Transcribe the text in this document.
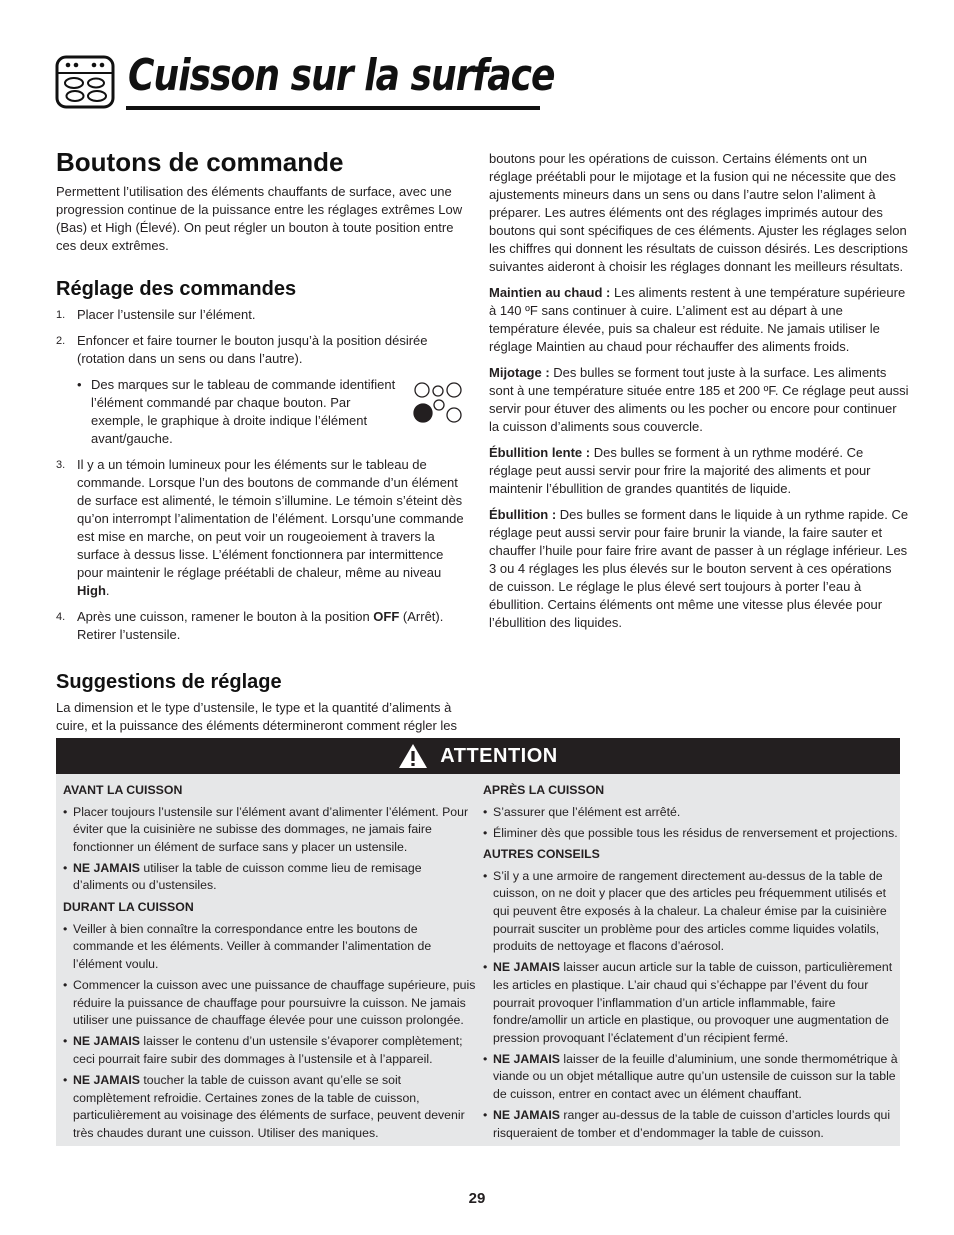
Cuisson sur la surface
Boutons de commande

Permettent l’utilisation des éléments chauffants de surface, avec une progression continue de la puissance entre les réglages extrêmes Low (Bas) et High (Élevé). On peut régler un bouton à toute position entre ces deux extrêmes.

Réglage des commandes
1. Placer l’ustensile sur l’élément.
2. Enfoncer et faire tourner le bouton jusqu’à la position désirée (rotation dans un sens ou dans l’autre).
• Des marques sur le tableau de commande identifient l’élément commandé par chaque bouton. Par exemple, le graphique à droite indique l’élément avant/gauche.
3. Il y a un témoin lumineux pour les éléments sur le tableau de commande. Lorsque l’un des boutons de commande d’un élément de surface est alimenté, le témoin s’illumine. Le témoin s’éteint dès qu’on interrompt l’alimentation de l’élément. Lorsqu’une commande est mise en marche, on peut voir un rougeoiement à travers la surface à dessus lisse. L’élément fonctionnera par intermittence pour maintenir le réglage préétabli de chaleur, même au niveau High.
4. Après une cuisson, ramener le bouton à la position OFF (Arrêt). Retirer l’ustensile.
Suggestions de réglage

La dimension et le type d’ustensile, le type et la quantité d’aliments à cuire, et la puissance des éléments détermineront comment régler les

boutons pour les opérations de cuisson. Certains éléments ont un réglage préétabli pour le mijotage et la fusion qui ne nécessite que des ajustements mineurs dans un sens ou dans l’autre selon l’aliment à préparer. Les autres éléments ont des réglages imprimés autour des boutons qui sont spécifiques de ces éléments. Ajuster les réglages selon les chiffres qui donnent les résultats de cuisson désirés. Les descriptions suivantes aideront à choisir les réglages donnant les meilleurs résultats.

Maintien au chaud : Les aliments restent à une température supérieure à 140 ºF sans continuer à cuire. L’aliment est au départ à une température élevée, puis sa chaleur est réduite. Ne jamais utiliser le réglage Maintien au chaud pour réchauffer des aliments froids.

Mijotage : Des bulles se forment tout juste à la surface. Les aliments sont à une température située entre 185 et 200 ºF. Ce réglage peut aussi servir pour étuver des aliments ou les pocher ou encore pour continuer la cuisson d’aliments sous couvercle.

Ébullition lente : Des bulles se forment à un rythme modéré. Ce réglage peut aussi servir pour frire la majorité des aliments et pour maintenir l’ébullition de grandes quantités de liquide.

Ébullition : Des bulles se forment dans le liquide à un rythme rapide. Ce réglage peut aussi servir pour faire brunir la viande, la faire sauter et chauffer l’huile pour faire frire avant de passer à un réglage inférieur. Les 3 ou 4 réglages les plus élevés sur le bouton servent à ces opérations de cuisson. Le réglage le plus élevé sert toujours à porter l’eau à ébullition. Certains éléments ont même une vitesse plus élevée pour l’ébullition des liquides.

ATTENTION

AVANT LA CUISSON

• Placer toujours l’ustensile sur l’élément avant d’alimenter l’élément. Pour éviter que la cuisinière ne subisse des dommages, ne jamais faire fonctionner un élément de surface sans y placer un ustensile.
• NE JAMAIS utiliser la table de cuisson comme lieu de remisage d’aliments ou d’ustensiles.

DURANT LA CUISSON

• Veiller à bien connaître la correspondance entre les boutons de commande et les éléments. Veiller à commander l’alimentation de l’élément voulu.
• Commencer la cuisson avec une puissance de chauffage supérieure, puis réduire la puissance de chauffage pour poursuivre la cuisson. Ne jamais utiliser une puissance de chauffage élevée pour une cuisson prolongée.
• NE JAMAIS laisser le contenu d’un ustensile s’évaporer complètement; ceci pourrait faire subir des dommages à l’ustensile et à l’appareil.
• NE JAMAIS toucher la table de cuisson avant qu’elle se soit complètement refroidie. Certaines zones de la table de cuisson, particulièrement au voisinage des éléments de surface, peuvent devenir très chaudes durant une cuisson. Utiliser des maniques.

APRÈS LA CUISSON

• S’assurer que l’élément est arrêté.
• Éliminer dès que possible tous les résidus de renversement et projections.

AUTRES CONSEILS

• S’il y a une armoire de rangement directement au-dessus de la table de cuisson, on ne doit y placer que des articles peu fréquemment utilisés et qui peuvent être exposés à la chaleur. La chaleur émise par la cuisinière pourrait susciter un problème pour des articles comme liquides volatils, produits de nettoyage et flacons d’aérosol.
• NE JAMAIS laisser aucun article sur la table de cuisson, particulièrement les articles en plastique. L’air chaud qui s’échappe par l’évent du four pourrait provoquer l’inflammation d’un article inflammable, faire fondre/amollir un article en plastique, ou provoquer une augmentation de pression provoquant l’éclatement d’un récipient fermé.
• NE JAMAIS laisser de la feuille d’aluminium, une sonde thermométrique à viande ou un objet métallique autre qu’un ustensile de cuisson sur la table de cuisson, entrer en contact avec un élément chauffant.
• NE JAMAIS ranger au-dessus de la table de cuisson d’articles lourds qui risqueraient de tomber et d’endommager la table de cuisson.
29
